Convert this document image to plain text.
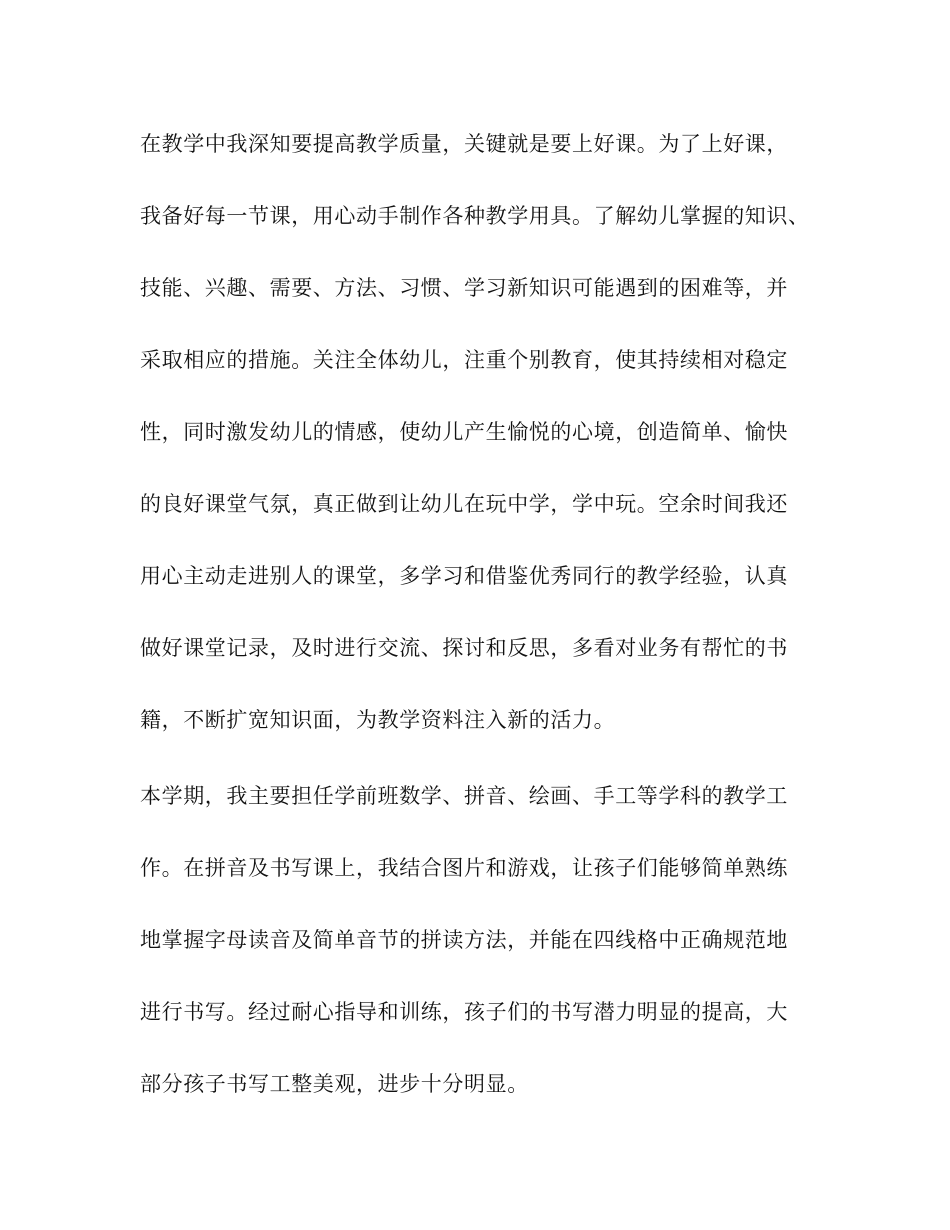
在教学中我深知要提高教学质量，关键就是要上好课。为了上好课，
我备好每一节课，用心动手制作各种教学用具。了解幼儿掌握的知识、
技能、兴趣、需要、方法、习惯、学习新知识可能遇到的困难等，并
采取相应的措施。关注全体幼儿，注重个别教育，使其持续相对稳定
性，同时激发幼儿的情感，使幼儿产生愉悦的心境，创造简单、愉快
的良好课堂气氛，真正做到让幼儿在玩中学，学中玩。空余时间我还
用心主动走进别人的课堂，多学习和借鉴优秀同行的教学经验，认真
做好课堂记录，及时进行交流、探讨和反思，多看对业务有帮忙的书
籍，不断扩宽知识面，为教学资料注入新的活力。
本学期，我主要担任学前班数学、拼音、绘画、手工等学科的教学工
作。在拼音及书写课上，我结合图片和游戏，让孩子们能够简单熟练
地掌握字母读音及简单音节的拼读方法，并能在四线格中正确规范地
进行书写。经过耐心指导和训练，孩子们的书写潜力明显的提高，大
部分孩子书写工整美观，进步十分明显。
